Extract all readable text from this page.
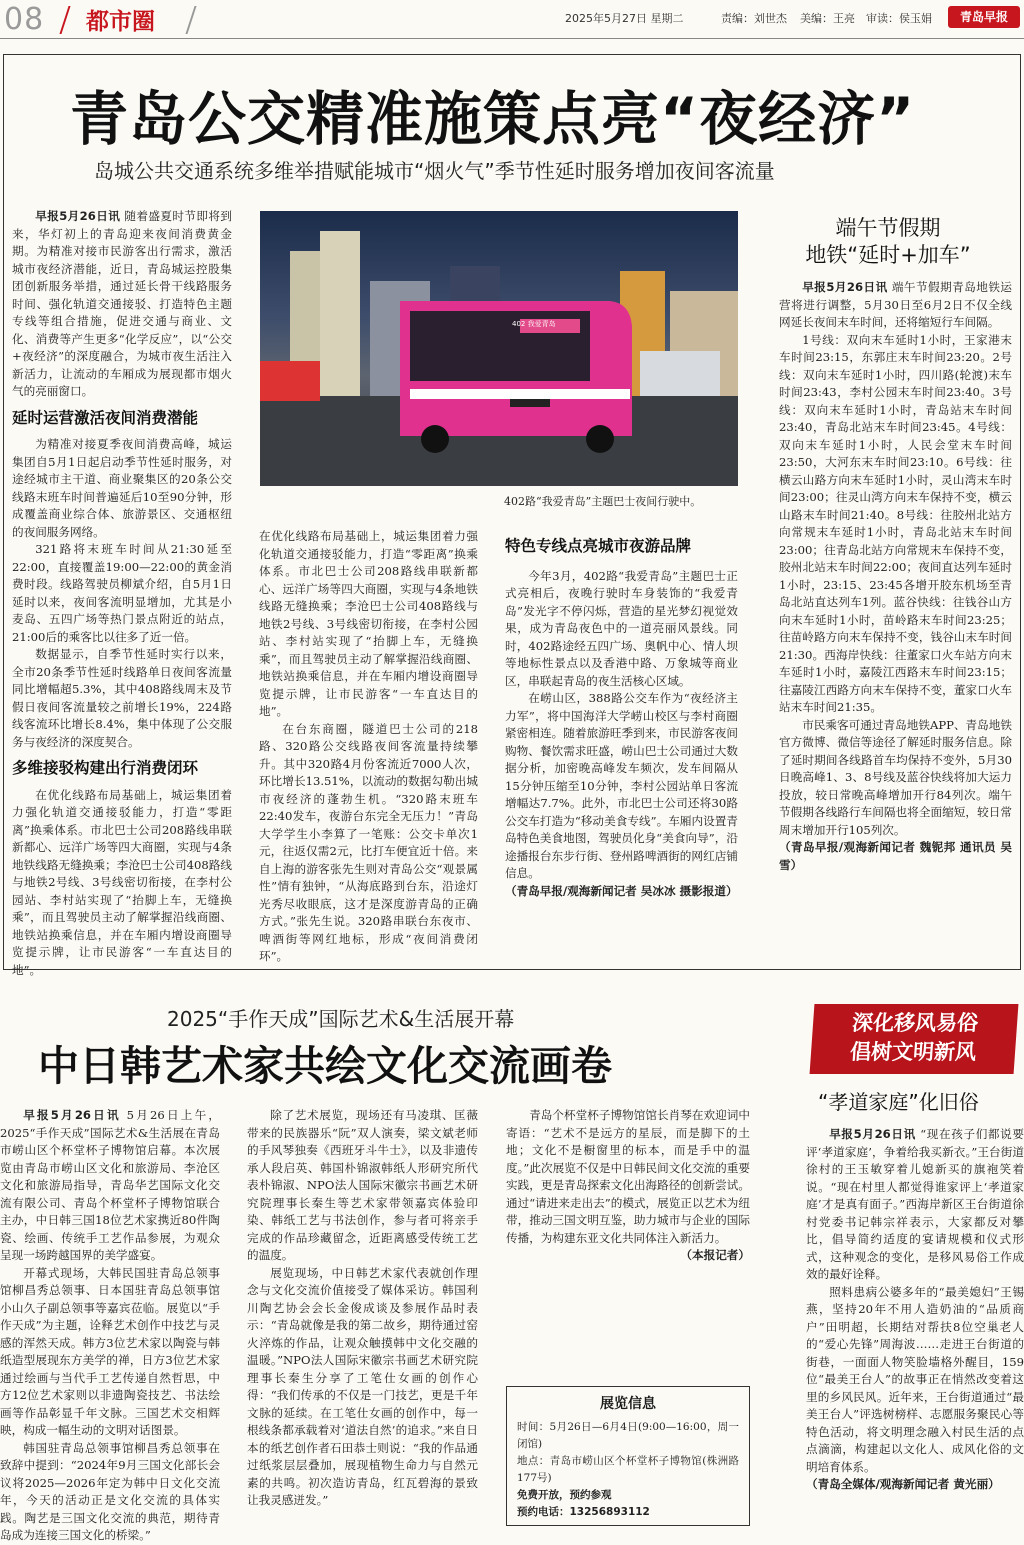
08 都市圈	2025年5月27日 星期二	责编：刘世杰 美编：王亮 审读：侯玉娟	青岛早报
青岛公交精准施策点亮“夜经济”
岛城公共交通系统多维举措赋能城市“烟火气”季节性延时服务增加夜间客流量

早报5月26日讯 随着盛夏时节即将到来，华灯初上的青岛迎来夜间消费黄金期。为精准对接市民游客出行需求，激活城市夜经济潜能，近日，青岛城运控股集团创新服务举措，通过延长骨干线路服务时间、强化轨道交通接驳、打造特色主题专线等组合措施，促进交通与商业、文化、消费等产生更多“化学反应”，以“公交+夜经济”的深度融合，为城市夜生活注入新活力，让流动的车厢成为展现都市烟火气的亮丽窗口。

延时运营激活夜间消费潜能

为精准对接夏季夜间消费高峰，城运集团自5月1日起启动季节性延时服务，对途经城市主干道、商业聚集区的20条公交线路末班车时间普遍延后10至90分钟，形成覆盖商业综合体、旅游景区、交通枢纽的夜间服务网络。

321路将末班车时间从21:30延至22:00，直接覆盖19:00—22:00的黄金消费时段。线路驾驶员柳斌介绍，自5月1日延时以来，夜间客流明显增加，尤其是小麦岛、五四广场等热门景点附近的站点，21:00后的乘客比以往多了近一倍。

数据显示，自季节性延时实行以来，全市20条季节性延时线路单日夜间客流量同比增幅超5.3%，其中408路线周末及节假日夜间客流量较之前增长19%，224路线客流环比增长8.4%，集中体现了公交服务与夜经济的深度契合。

多维接驳构建出行消费闭环

在优化线路布局基础上，城运集团着力强化轨道交通接驳能力，打造“零距离”换乘体系。市北巴士公司208路线串联新都心、远洋广场等四大商圈，实现与4条地铁线路无缝换乘；李沧巴士公司408路线与地铁2号线、3号线密切衔接，在李村公园站、李村站实现了“抬脚上车，无缝换乘”，而且驾驶员主动了解掌握沿线商圈、地铁站换乘信息，并在车厢内增设商圈导览提示牌，让市民游客“一车直达目的地”。

402 我爱青岛
402路“我爱青岛”主题巴士夜间行驶中。

在优化线路布局基础上，城运集团着力强化轨道交通接驳能力，打造“零距离”换乘体系。市北巴士公司208路线串联新都心、远洋广场等四大商圈，实现与4条地铁线路无缝换乘；李沧巴士公司408路线与地铁2号线、3号线密切衔接，在李村公园站、李村站实现了“抬脚上车，无缝换乘”，而且驾驶员主动了解掌握沿线商圈、地铁站换乘信息，并在车厢内增设商圈导览提示牌，让市民游客“一车直达目的地”。

在台东商圈，隧道巴士公司的218路、320路公交线路夜间客流量持续攀升。其中320路4月份客流近7000人次，环比增长13.51%，以流动的数据勾勒出城市夜经济的蓬勃生机。“320路末班车22:40发车，夜游台东完全无压力！”青岛大学学生小李算了一笔账：公交卡单次1元，往返仅需2元，比打车便宜近十倍。来自上海的游客张先生则对青岛公交“观景属性”情有独钟，“从海底路到台东，沿途灯光秀尽收眼底，这才是深度游青岛的正确方式。”张先生说。320路串联台东夜市、啤酒街等网红地标，形成“夜间消费闭环”。

特色专线点亮城市夜游品牌

今年3月，402路“我爱青岛”主题巴士正式亮相后，夜晚行驶时车身装饰的“我爱青岛”发光字不停闪烁，营造的星光梦幻视觉效果，成为青岛夜色中的一道亮丽风景线。同时，402路途经五四广场、奥帆中心、情人坝等地标性景点以及香港中路、万象城等商业区，串联起青岛的夜生活核心区域。

在崂山区，388路公交车作为“夜经济主力军”，将中国海洋大学崂山校区与李村商圈紧密相连。随着旅游旺季到来，市民游客夜间购物、餐饮需求旺盛，崂山巴士公司通过大数据分析，加密晚高峰发车频次，发车间隔从15分钟压缩至10分钟，李村公园站单日客流增幅达7.7%。此外，市北巴士公司还将30路公交车打造为“移动美食专线”。车厢内设置青岛特色美食地图，驾驶员化身“美食向导”，沿途播报台东步行街、登州路啤酒街的网红店铺信息。

（青岛早报/观海新闻记者 吴冰冰 摄影报道）

端午节假期
地铁“延时+加车”

早报5月26日讯 端午节假期青岛地铁运营将进行调整，5月30日至6月2日不仅全线网延长夜间末车时间，还将缩短行车间隔。

1号线：双向末车延时1小时，王家港末车时间23:15，东郭庄末车时间23:20。2号线：双向末车延时1小时，四川路(轮渡)末车时间23:43，李村公园末车时间23:40。3号线：双向末车延时1小时，青岛站末车时间23:40，青岛北站末车时间23:45。4号线：双向末车延时1小时，人民会堂末车时间23:50，大河东末车时间23:10。6号线：往横云山路方向末车延时1小时，灵山湾末车时间23:00；往灵山湾方向末车保持不变，横云山路末车时间21:40。8号线：往胶州北站方向常规末车延时1小时，青岛北站末车时间23:00；往青岛北站方向常规末车保持不变，胶州北站末车时间22:00；夜间直达列车延时1小时，23:15、23:45各增开胶东机场至青岛北站直达列车1列。蓝谷快线：往钱谷山方向末车延时1小时，苗岭路末车时间23:25；往苗岭路方向末车保持不变，钱谷山末车时间21:30。西海岸快线：往董家口火车站方向末车延时1小时，嘉陵江西路末车时间23:15；往嘉陵江西路方向末车保持不变，董家口火车站末车时间21:35。

市民乘客可通过青岛地铁APP、青岛地铁官方微博、微信等途径了解延时服务信息。除了延时期间各线路首车均保持不变外，5月30日晚高峰1、3、8号线及蓝谷快线将加大运力投放，较日常晚高峰增加开行84列次。端午节假期各线路行车间隔也将全面缩短，较日常周末增加开行105列次。

（青岛早报/观海新闻记者 魏铌邦 通讯员 吴雪）

2025“手作天成”国际艺术&生活展开幕
中日韩艺术家共绘文化交流画卷

早报5月26日讯 5月26日上午，2025“手作天成”国际艺术&生活展在青岛市崂山区个杯堂杯子博物馆启幕。本次展览由青岛市崂山区文化和旅游局、李沧区文化和旅游局指导，青岛华艺国际文化交流有限公司、青岛个杯堂杯子博物馆联合主办，中日韩三国18位艺术家携近80件陶瓷、绘画、传统手工艺作品参展，为观众呈现一场跨越国界的美学盛宴。

开幕式现场，大韩民国驻青岛总领事馆柳昌秀总领事、日本国驻青岛总领事馆小山久子副总领事等嘉宾莅临。展览以“手作天成”为主题，诠释艺术创作中技艺与灵感的浑然天成。韩方3位艺术家以陶瓷与韩纸造型展现东方美学的禅，日方3位艺术家通过绘画与当代手工艺传递自然哲思，中方12位艺术家则以非遗陶瓷技艺、书法绘画等作品彰显千年文脉。三国艺术交相辉映，构成一幅生动的文明对话图景。

韩国驻青岛总领事馆柳昌秀总领事在致辞中提到：“2024年9月三国文化部长会议将2025—2026年定为韩中日文化交流年，今天的活动正是文化交流的具体实践。陶艺是三国文化交流的典范，期待青岛成为连接三国文化的桥梁。”

除了艺术展览，现场还有马凌琪、匡薇带来的民族器乐“阮”双人演奏，梁文斌老师的手风琴独奏《西班牙斗牛士》，以及非遗传承人段启英、韩国朴锦淑韩纸人形研究所代表朴锦淑、NPO法人国际宋徽宗书画艺术研究院理事长秦生等艺术家带领嘉宾体验印染、韩纸工艺与书法创作，参与者可将亲手完成的作品珍藏留念，近距离感受传统工艺的温度。

展览现场，中日韩艺术家代表就创作理念与文化交流价值接受了媒体采访。韩国利川陶艺协会会长金俊成谈及参展作品时表示：“青岛就像是我的第二故乡，期待通过窑火淬炼的作品，让观众触摸韩中文化交融的温暖。”NPO法人国际宋徽宗书画艺术研究院理事长秦生分享了工笔仕女画的创作心得：“我们传承的不仅是一门技艺，更是千年文脉的延续。在工笔仕女画的创作中，每一根线条都承载着对‘道法自然’的追求。”来自日本的纸艺创作者石田恭士则说：“我的作品通过纸浆层层叠加，展现植物生命力与自然元素的共鸣。初次造访青岛，红瓦碧海的景致让我灵感迸发。”

青岛个杯堂杯子博物馆馆长肖琴在欢迎词中寄语：“艺术不是远方的星辰，而是脚下的土地；文化不是橱窗里的标本，而是手中的温度。”此次展览不仅是中日韩民间文化交流的重要实践，更是青岛探索文化出海路径的创新尝试。通过“请进来走出去”的模式，展览正以艺术为纽带，推动三国文明互鉴，助力城市与企业的国际传播，为构建东亚文化共同体注入新活力。

（本报记者）

展览信息
时间：5月26日—6月4日(9:00—16:00，周一闭馆)
地点：青岛市崂山区个杯堂杯子博物馆(株洲路177号)
免费开放，预约参观
预约电话：13256893112
深化移风易俗
倡树文明新风
“孝道家庭”化旧俗

早报5月26日讯 “现在孩子们都说要评‘孝道家庭’，争着给我买新衣。”王台街道徐村的王玉敏穿着儿媳新买的旗袍笑着说。“现在村里人都觉得谁家评上‘孝道家庭’才是真有面子。”西海岸新区王台街道徐村党委书记韩宗祥表示，大家都反对攀比，倡导简约适度的宴请规模和仪式形式，这种观念的变化，是移风易俗工作成效的最好诠释。

照料患病公婆多年的“最美媳妇”王锡燕，坚持20年不用人造奶油的“品质商户”田明超，长期结对帮扶8位空巢老人的“爱心先锋”周海波……走进王台街道的街巷，一面面人物笑脸墙格外醒目，159位“最美王台人”的故事正在悄然改变着这里的乡风民风。近年来，王台街道通过“最美王台人”评选树榜样、志愿服务聚民心等特色活动，将文明理念融入村民生活的点点滴滴，构建起以文化人、成风化俗的文明培育体系。

（青岛全媒体/观海新闻记者 黄光丽）
